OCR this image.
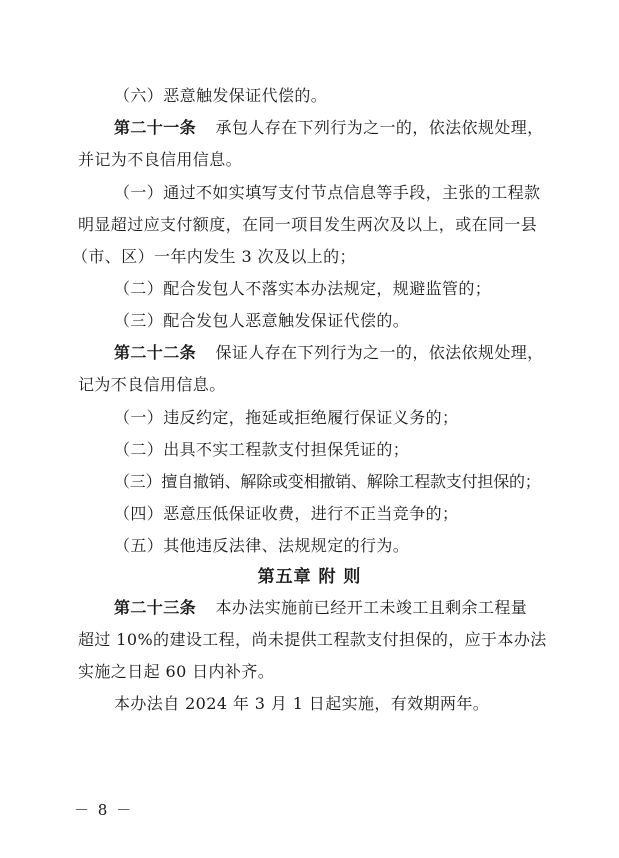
（六）恶意触发保证代偿的。
第二十一条 承包人存在下列行为之一的，依法依规处理，
并记为不良信用信息。
（一）通过不如实填写支付节点信息等手段，主张的工程款
明显超过应支付额度，在同一项目发生两次及以上，或在同一县
（市、区）一年内发生 3 次及以上的；
（二）配合发包人不落实本办法规定，规避监管的；
（三）配合发包人恶意触发保证代偿的。
第二十二条 保证人存在下列行为之一的，依法依规处理，
记为不良信用信息。
（一）违反约定，拖延或拒绝履行保证义务的；
（二）出具不实工程款支付担保凭证的；
（三）擅自撤销、解除或变相撤销、解除工程款支付担保的；
（四）恶意压低保证收费，进行不正当竞争的；
（五）其他违反法律、法规规定的行为。
第五章 附 则
第二十三条 本办法实施前已经开工未竣工且剩余工程量
超过 10%的建设工程，尚未提供工程款支付担保的，应于本办法
实施之日起 60 日内补齐。
本办法自 2024 年 3 月 1 日起实施，有效期两年。
－ 8 －
